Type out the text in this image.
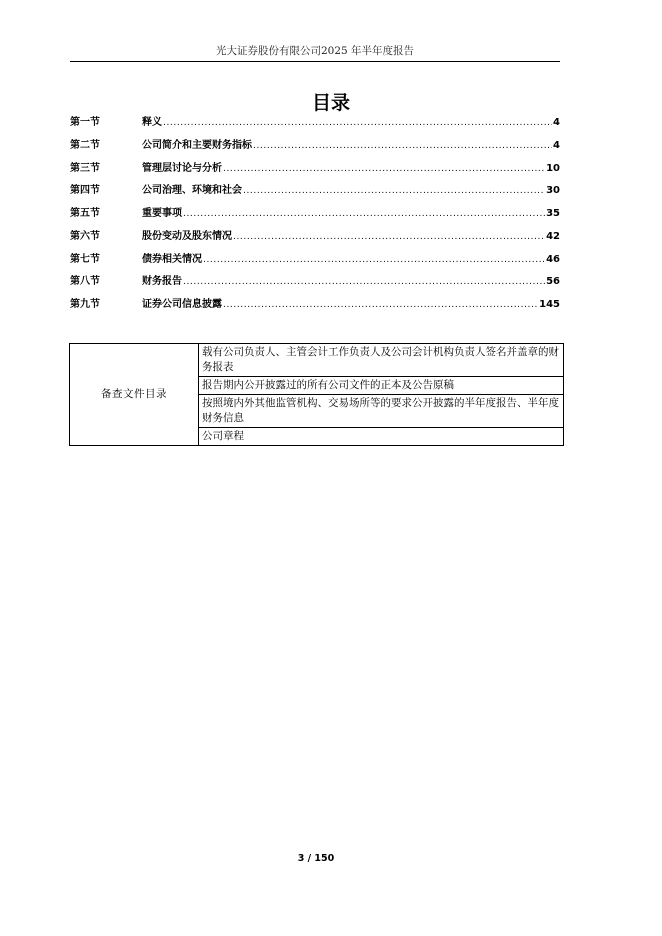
光大证券股份有限公司2025 年半年度报告
目录
第一节	释义 .....	4
第二节	公司简介和主要财务指标 .....	4
第三节	管理层讨论与分析 .....	10
第四节	公司治理、环境和社会 .....	30
第五节	重要事项 .....	35
第六节	股份变动及股东情况 .....	42
第七节	债券相关情况 .....	46
第八节	财务报告 .....	56
第九节	证券公司信息披露 .....	145
备查文件目录	载有公司负责人、主管会计工作负责人及公司会计机构负责人签名并盖章的财务报表
报告期内公开披露过的所有公司文件的正本及公告原稿
按照境内外其他监管机构、交易场所等的要求公开披露的半年度报告、半年度财务信息
公司章程
3 / 150
